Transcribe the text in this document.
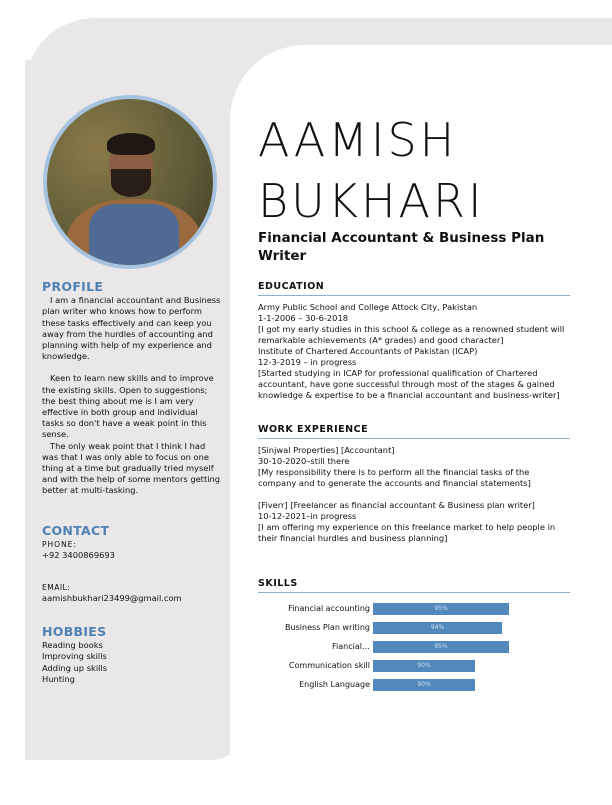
PROFILE

I am a financial accountant and Business plan writer who knows how to perform these tasks effectively and can keep you away from the hurdles of accounting and planning with help of my experience and knowledge.

Keen to learn new skills and to improve the existing skills. Open to suggestions; the best thing about me is I am very effective in both group and individual tasks so don't have a weak point in this sense.

The only weak point that I think I had was that I was only able to focus on one thing at a time but gradually tried myself and with the help of some mentors getting better at multi-tasking.

CONTACT

PHONE:

+92 3400869693

EMAIL:

aamishbukhari23499@gmail.com

HOBBIES

Reading books

Improving skills

Adding up skills

Hunting

AAMISH
BUKHARI
Financial Accountant & Business Plan Writer
EDUCATION

Army Public School and College Attock City, Pakistan

1-1-2006 – 30-6-2018

[I got my early studies in this school & college as a renowned student will remarkable achievements (A* grades) and good character]

Institute of Chartered Accountants of Pakistan (ICAP)

12-3-2019 – in progress

[Started studying in ICAP for professional qualification of Chartered accountant, have gone successful through most of the stages & gained knowledge & expertise to be a financial accountant and business-writer]

WORK EXPERIENCE

[Sinjwal Properties] [Accountant]

30-10-2020–still there

[My responsibility there is to perform all the financial tasks of the company and to generate the accounts and financial statements]

[Fiverr] [Freelancer as financial accountant & Business plan writer]

10-12-2021–in progress

[I am offering my experience on this freelance market to help people in their financial hurdles and business planning]

SKILLS
Financial accounting	95%
Business Plan writing	94%
Fiancial…	95%
Communication skill	90%
English Language	90%
